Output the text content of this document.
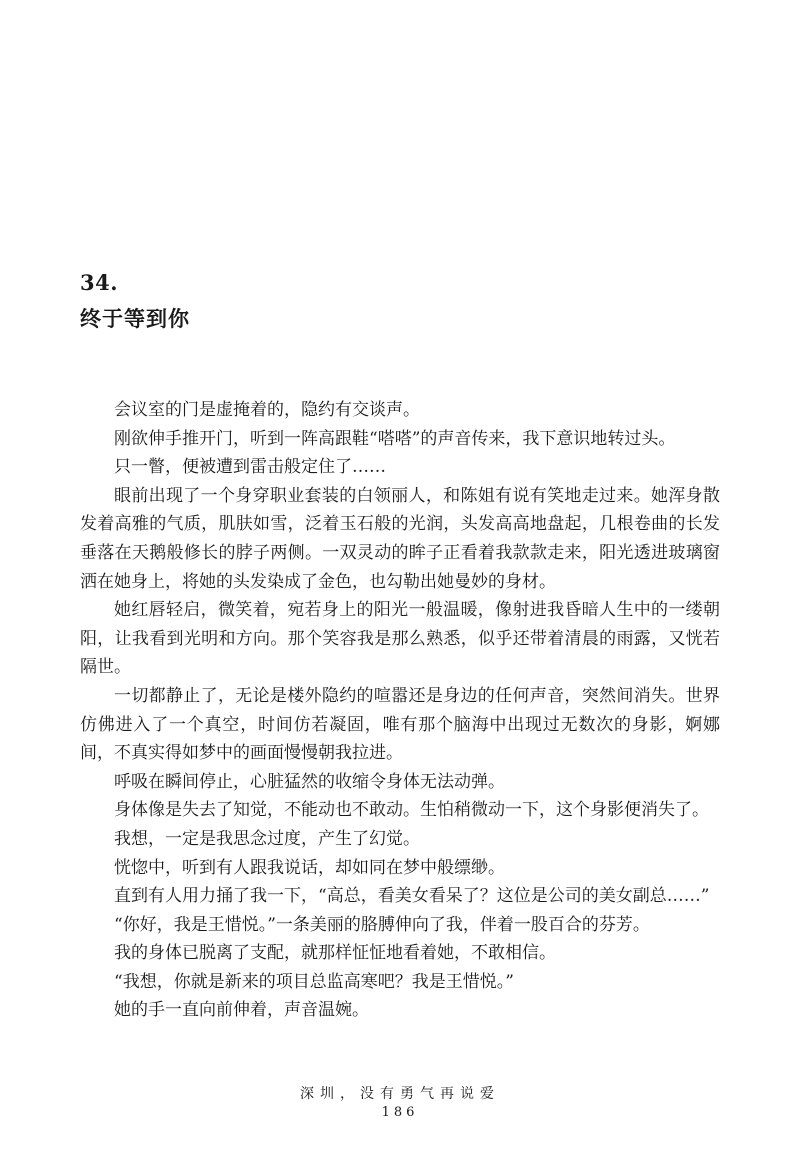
34.
终于等到你

会议室的门是虚掩着的，隐约有交谈声。

刚欲伸手推开门，听到一阵高跟鞋“嗒嗒”的声音传来，我下意识地转过头。

只一瞥，便被遭到雷击般定住了……

眼前出现了一个身穿职业套装的白领丽人，和陈姐有说有笑地走过来。她浑身散发着高雅的气质，肌肤如雪，泛着玉石般的光润，头发高高地盘起，几根卷曲的长发垂落在天鹅般修长的脖子两侧。一双灵动的眸子正看着我款款走来，阳光透进玻璃窗洒在她身上，将她的头发染成了金色，也勾勒出她曼妙的身材。

她红唇轻启，微笑着，宛若身上的阳光一般温暖，像射进我昏暗人生中的一缕朝阳，让我看到光明和方向。那个笑容我是那么熟悉，似乎还带着清晨的雨露，又恍若隔世。

一切都静止了，无论是楼外隐约的喧嚣还是身边的任何声音，突然间消失。世界仿佛进入了一个真空，时间仿若凝固，唯有那个脑海中出现过无数次的身影，婀娜间，不真实得如梦中的画面慢慢朝我拉进。

呼吸在瞬间停止，心脏猛然的收缩令身体无法动弹。

身体像是失去了知觉，不能动也不敢动。生怕稍微动一下，这个身影便消失了。

我想，一定是我思念过度，产生了幻觉。

恍惚中，听到有人跟我说话，却如同在梦中般缥缈。

直到有人用力捅了我一下，“高总，看美女看呆了？这位是公司的美女副总……”

“你好，我是王惜悦。”一条美丽的胳膊伸向了我，伴着一股百合的芬芳。

我的身体已脱离了支配，就那样怔怔地看着她，不敢相信。

“我想，你就是新来的项目总监高寒吧？我是王惜悦。”

她的手一直向前伸着，声音温婉。

深圳，没有勇气再说爱
186
